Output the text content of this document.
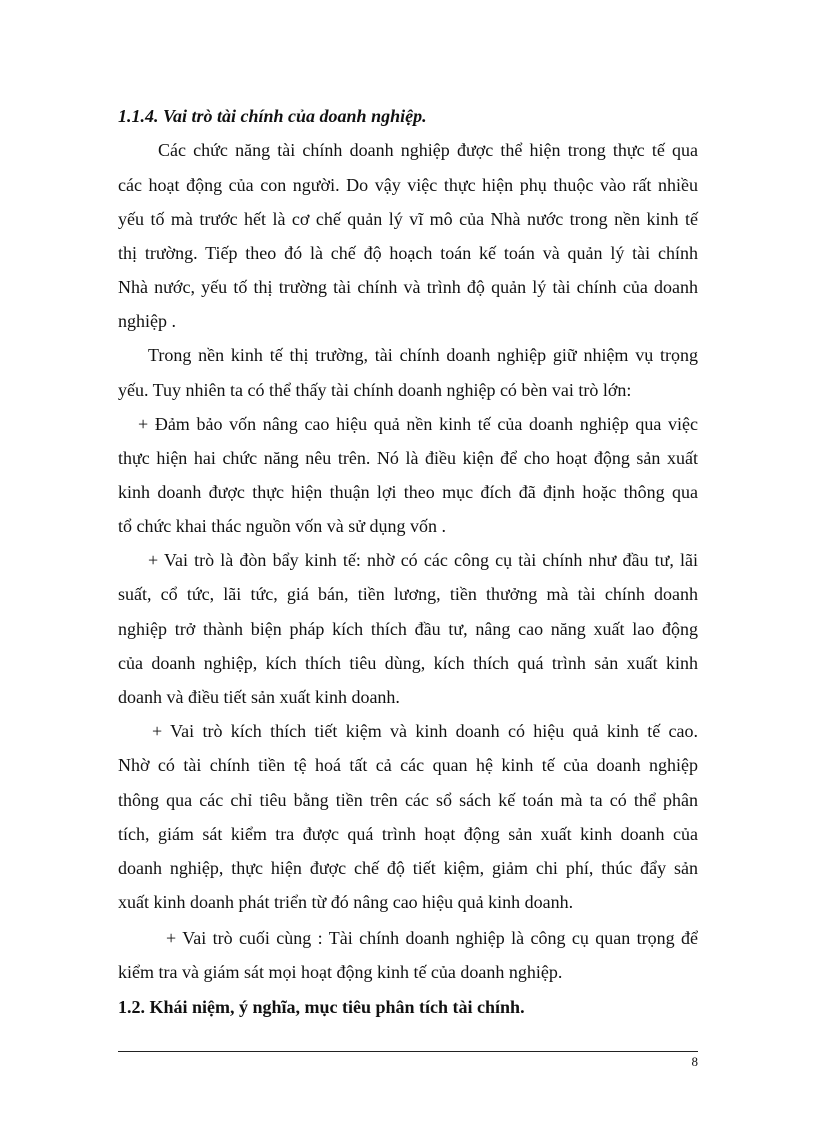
1.1.4. Vai trò tài chính của doanh nghiệp.
Các chức năng tài chính doanh nghiệp được thể hiện trong thực tế qua
các hoạt động của con người. Do vậy việc thực hiện phụ thuộc vào rất nhiều
yếu tố mà trước hết là cơ chế quản lý vĩ mô của Nhà nước trong nền kinh tế
thị trường. Tiếp theo đó là chế độ hoạch toán kế toán và quản lý tài chính
Nhà nước, yếu tố thị trường tài chính và trình độ quản lý tài chính của doanh
nghiệp .
Trong nền kinh tế thị trường, tài chính doanh nghiệp giữ nhiệm vụ trọng
yếu. Tuy nhiên ta có thể thấy tài chính doanh nghiệp có bèn vai trò lớn:
+ Đảm bảo vốn nâng cao hiệu quả nền kinh tế của doanh nghiệp qua việc
thực hiện hai chức năng nêu trên. Nó là điều kiện để cho hoạt động sản xuất
kinh doanh được thực hiện thuận lợi theo mục đích đã định hoặc thông qua
tổ chức khai thác nguồn vốn và sử dụng vốn .
+ Vai trò là đòn bẩy kinh tế: nhờ có các công cụ tài chính như đầu tư, lãi
suất, cổ tức, lãi tức, giá bán, tiền lương, tiền thưởng mà tài chính doanh
nghiệp trở thành biện pháp kích thích đầu tư, nâng cao năng xuất lao động
của doanh nghiệp, kích thích tiêu dùng, kích thích quá trình sản xuất kinh
doanh và điều tiết sản xuất kinh doanh.
+ Vai trò kích thích tiết kiệm và kinh doanh có hiệu quả kinh tế cao.
Nhờ có tài chính tiền tệ hoá tất cả các quan hệ kinh tế của doanh nghiệp
thông qua các chỉ tiêu bằng tiền trên các sổ sách kế toán mà ta có thể phân
tích, giám sát kiểm tra được quá trình hoạt động sản xuất kinh doanh của
doanh nghiệp, thực hiện được chế độ tiết kiệm, giảm chi phí, thúc đẩy sản
xuất kinh doanh phát triển từ đó nâng cao hiệu quả kinh doanh.
+ Vai trò cuối cùng : Tài chính doanh nghiệp là công cụ quan trọng để
kiểm tra và giám sát mọi hoạt động kinh tế của doanh nghiệp.
1.2. Khái niệm, ý nghĩa, mục tiêu phân tích tài chính.
8
